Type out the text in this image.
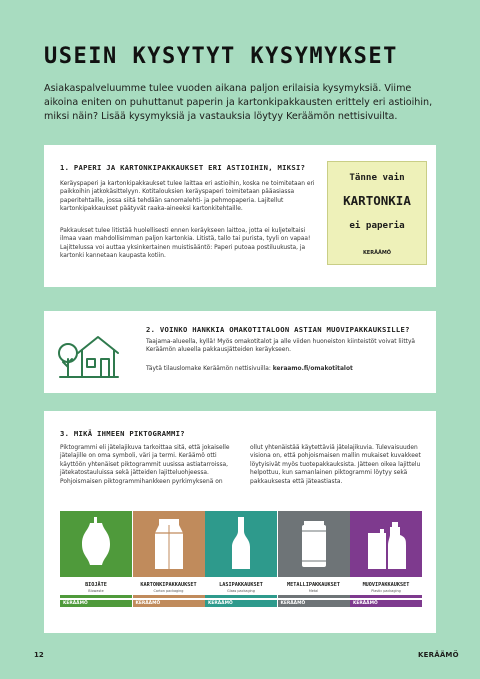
USEIN KYSYTYT KYSYMYKSET

Asiakaspalveluumme tulee vuoden aikana paljon erilaisia kysymyksiä. Viime aikoina eniten on puhuttanut paperin ja kartonkipakkausten erittely eri astioihin, miksi näin? Lisää kysymyksiä ja vastauksia löytyy Keräämön nettisivuilta.

1. PAPERI JA KARTONKIPAKKAUKSET ERI ASTIOIHIN, MIKSI?

Keräyspaperi ja kartonkipakkaukset tulee laittaa eri astioihin, koska ne toimitetaan eri paikkoihin jatkokäsittelyyn. Kotitalouksien keräyspaperi toimitetaan pääasiassa paperitehtaille, jossa siitä tehdään sanomalehti- ja pehmopaperia. Lajitellut kartonkipakkaukset päätyvät raaka-aineeksi kartonkitehtaille.

Pakkaukset tulee litistää huolellisesti ennen keräykseen laittoa, jotta ei kuljeteltaisi ilmaa vaan mahdollisimman paljon kartonkia. Litistä, tallo tai purista, tyyli on vapaa! Lajittelussa voi auttaa yksinkertainen muistisääntö: Paperi putoaa postiluukusta, ja kartonki kannetaan kaupasta kotiin.

Tänne vain
KARTONKIA
ei paperia
KERÄÄMÖ
2. VOINKO HANKKIA OMAKOTITALOON ASTIAN MUOVIPAKKAUKSILLE?

Taajama-alueella, kyllä! Myös omakotitalot ja alle viiden huoneiston kiinteistöt voivat liittyä Keräämön alueella pakkausjätteiden keräykseen.

Täytä tilauslomake Keräämön nettisivuilla: keraamo.fi/omakotitalot

3. MIKÄ IHMEEN PIKTOGRAMMI?

Piktogrammi eli jätelajikuva tarkoittaa sitä, että jokaiselle jätelajille on oma symboli, väri ja termi. Keräämö otti käyttöön yhtenäiset piktogrammit uusissa astiatarroissa, jätekatostauluissa sekä jätteiden lajitteluohjeessa. Pohjoismaisen piktogrammihankkeen pyrkimyksenä on

ollut yhtenäistää käytettäviä jätelajikuvia. Tulevaisuuden visiona on, että pohjoismaisen mallin mukaiset kuvakkeet löytyisivät myös tuotepakkauksista. Jätteen oikea lajittelu helpottuu, kun samanlainen piktogrammi löytyy sekä pakkauksesta että jäteastiasta.

BIOJÄTE
Biowaste
KERÄÄMÖ
KARTONKIPAKKAUKSET
Carton packaging
KERÄÄMÖ
LASIPAKKAUKSET
Glass packaging
KERÄÄMÖ
METALLIPAKKAUKSET
Metal
KERÄÄMÖ
MUOVIPAKKAUKSET
Plastic packaging
KERÄÄMÖ
12	KERÄÄMÖ
